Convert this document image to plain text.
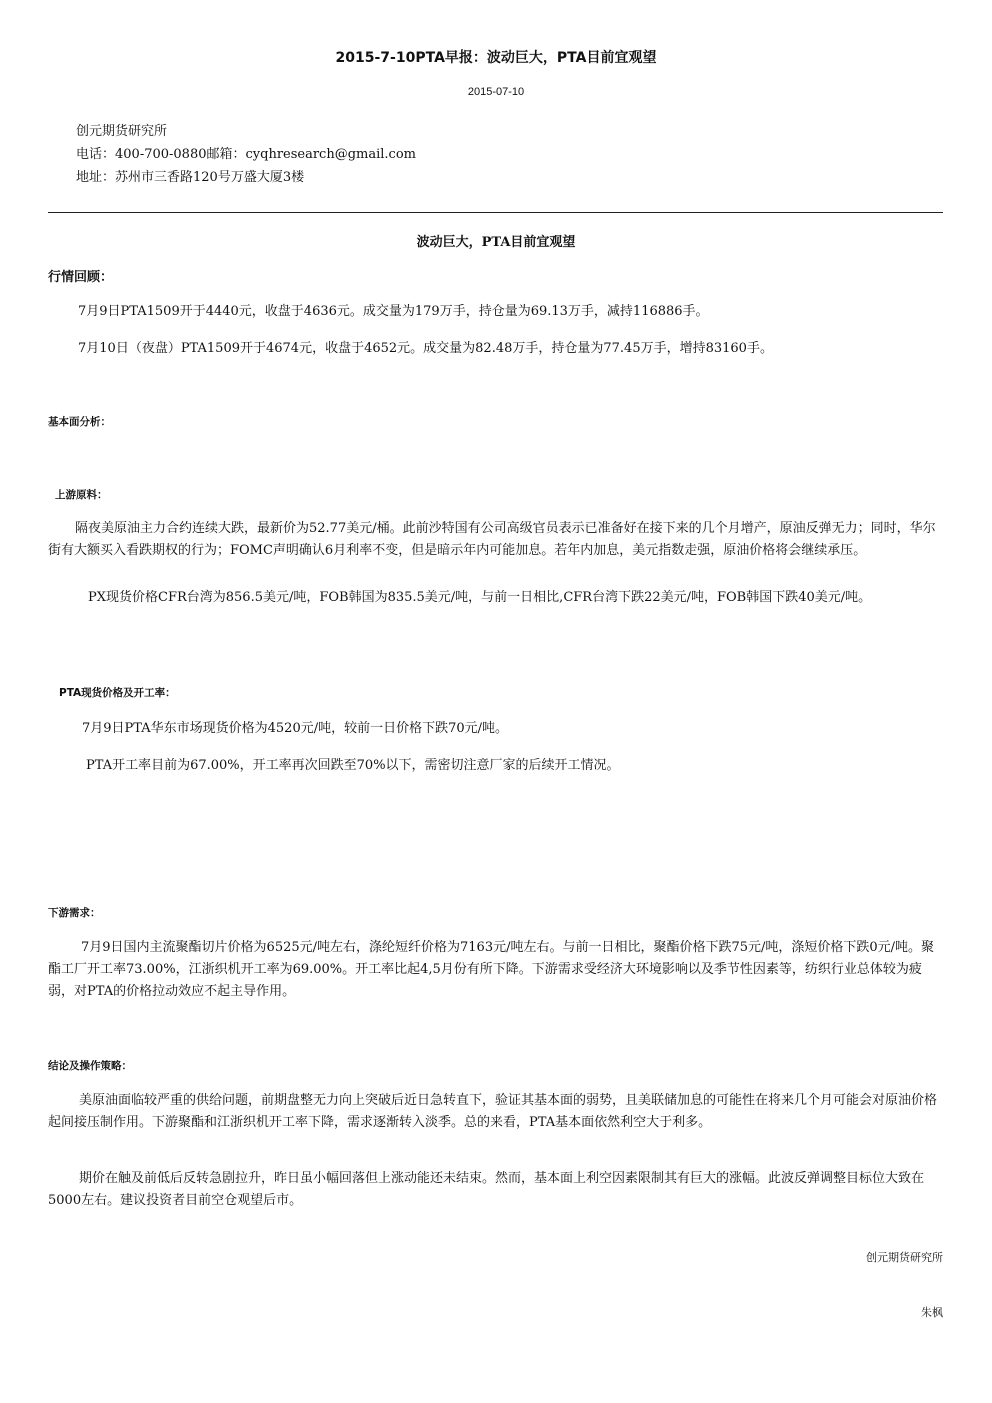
2015-7-10PTA早报：波动巨大，PTA目前宜观望
2015-07-10
创元期货研究所
电话：400-700-0880邮箱：cyqhresearch@gmail.com
地址：苏州市三香路120号万盛大厦3楼
波动巨大，PTA目前宜观望
行情回顾：
7月9日PTA1509开于4440元，收盘于4636元。成交量为179万手，持仓量为69.13万手，减持116886手。
7月10日（夜盘）PTA1509开于4674元，收盘于4652元。成交量为82.48万手，持仓量为77.45万手，增持83160手。
基本面分析：
上游原料：
隔夜美原油主力合约连续大跌，最新价为52.77美元/桶。此前沙特国有公司高级官员表示已准备好在接下来的几个月增产，原油反弹无力；同时，华尔街有大额买入看跌期权的行为；FOMC声明确认6月利率不变，但是暗示年内可能加息。若年内加息，美元指数走强，原油价格将会继续承压。
PX现货价格CFR台湾为856.5美元/吨，FOB韩国为835.5美元/吨，与前一日相比,CFR台湾下跌22美元/吨，FOB韩国下跌40美元/吨。
PTA现货价格及开工率：
7月9日PTA华东市场现货价格为4520元/吨，较前一日价格下跌70元/吨。
PTA开工率目前为67.00%，开工率再次回跌至70%以下，需密切注意厂家的后续开工情况。
下游需求：
7月9日国内主流聚酯切片价格为6525元/吨左右，涤纶短纤价格为7163元/吨左右。与前一日相比，聚酯价格下跌75元/吨，涤短价格下跌0元/吨。聚酯工厂开工率73.00%，江浙织机开工率为69.00%。开工率比起4,5月份有所下降。下游需求受经济大环境影响以及季节性因素等，纺织行业总体较为疲弱，对PTA的价格拉动效应不起主导作用。
结论及操作策略：
美原油面临较严重的供给问题，前期盘整无力向上突破后近日急转直下，验证其基本面的弱势，且美联储加息的可能性在将来几个月可能会对原油价格起间接压制作用。下游聚酯和江浙织机开工率下降，需求逐渐转入淡季。总的来看，PTA基本面依然利空大于利多。
期价在触及前低后反转急剧拉升，昨日虽小幅回落但上涨动能还未结束。然而，基本面上利空因素限制其有巨大的涨幅。此波反弹调整目标位大致在5000左右。建议投资者目前空仓观望后市。
创元期货研究所
朱枫
